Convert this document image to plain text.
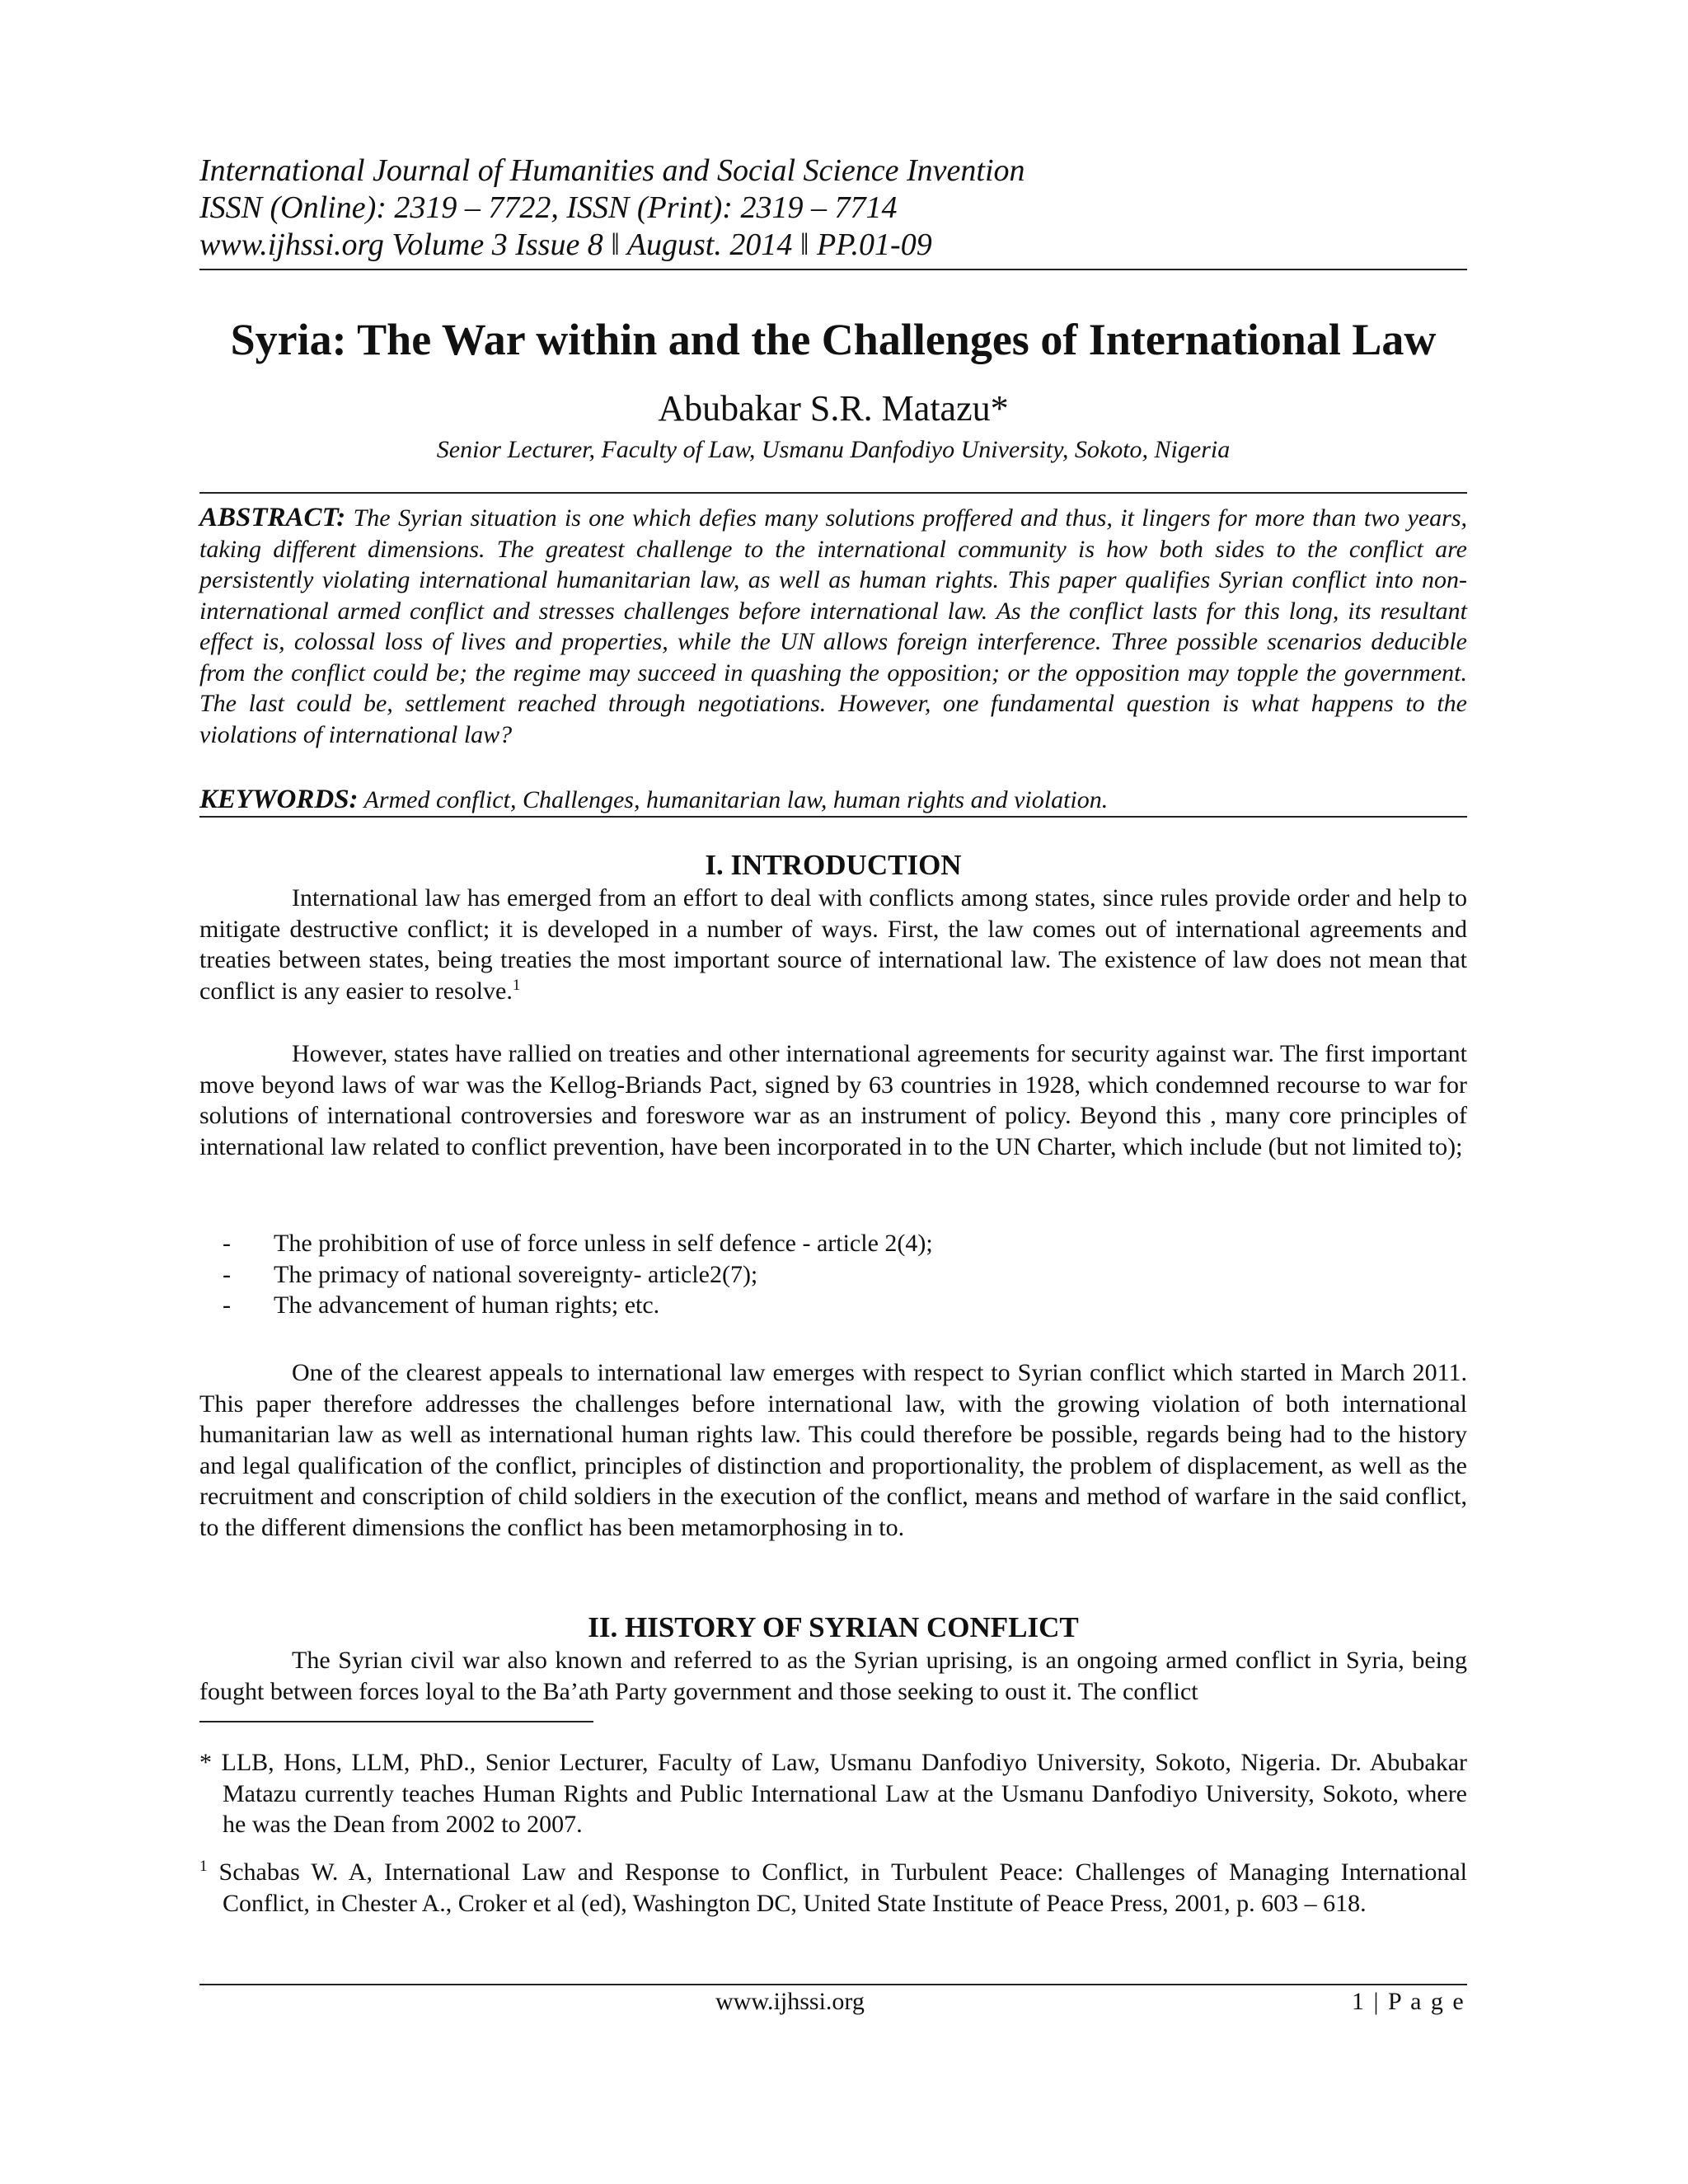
International Journal of Humanities and Social Science Invention
ISSN (Online): 2319 – 7722, ISSN (Print): 2319 – 7714
www.ijhssi.org Volume 3 Issue 8 ǁ August. 2014 ǁ PP.01-09
Syria: The War within and the Challenges of International Law
Abubakar S.R. Matazu*
Senior Lecturer, Faculty of Law, Usmanu Danfodiyo University, Sokoto, Nigeria
ABSTRACT: The Syrian situation is one which defies many solutions proffered and thus, it lingers for more than two years, taking different dimensions. The greatest challenge to the international community is how both sides to the conflict are persistently violating international humanitarian law, as well as human rights. This paper qualifies Syrian conflict into non-international armed conflict and stresses challenges before international law. As the conflict lasts for this long, its resultant effect is, colossal loss of lives and properties, while the UN allows foreign interference. Three possible scenarios deducible from the conflict could be; the regime may succeed in quashing the opposition; or the opposition may topple the government. The last could be, settlement reached through negotiations. However, one fundamental question is what happens to the violations of international law?
KEYWORDS: Armed conflict, Challenges, humanitarian law, human rights and violation.
I. INTRODUCTION

International law has emerged from an effort to deal with conflicts among states, since rules provide order and help to mitigate destructive conflict; it is developed in a number of ways. First, the law comes out of international agreements and treaties between states, being treaties the most important source of international law. The existence of law does not mean that conflict is any easier to resolve.$^1$

However, states have rallied on treaties and other international agreements for security against war. The first important move beyond laws of war was the Kellog-Briands Pact, signed by 63 countries in 1928, which condemned recourse to war for solutions of international controversies and foreswore war as an instrument of policy. Beyond this , many core principles of international law related to conflict prevention, have been incorporated in to the UN Charter, which include (but not limited to);

- The prohibition of use of force unless in self defence - article 2(4);
- The primacy of national sovereignty- article2(7);
- The advancement of human rights; etc.

One of the clearest appeals to international law emerges with respect to Syrian conflict which started in March 2011. This paper therefore addresses the challenges before international law, with the growing violation of both international humanitarian law as well as international human rights law. This could therefore be possible, regards being had to the history and legal qualification of the conflict, principles of distinction and proportionality, the problem of displacement, as well as the recruitment and conscription of child soldiers in the execution of the conflict, means and method of warfare in the said conflict, to the different dimensions the conflict has been metamorphosing in to.

II. HISTORY OF SYRIAN CONFLICT

The Syrian civil war also known and referred to as the Syrian uprising, is an ongoing armed conflict in Syria, being fought between forces loyal to the Ba’ath Party government and those seeking to oust it. The conflict

* LLB, Hons, LLM, PhD., Senior Lecturer, Faculty of Law, Usmanu Danfodiyo University, Sokoto, Nigeria. Dr. Abubakar Matazu currently teaches Human Rights and Public International Law at the Usmanu Danfodiyo University, Sokoto, where he was the Dean from 2002 to 2007.
$^1$ Schabas W. A, International Law and Response to Conflict, in Turbulent Peace: Challenges of Managing International Conflict, in Chester A., Croker et al (ed), Washington DC, United State Institute of Peace Press, 2001, p. 603 – 618.
www.ijhssi.org	1 | P a g e
